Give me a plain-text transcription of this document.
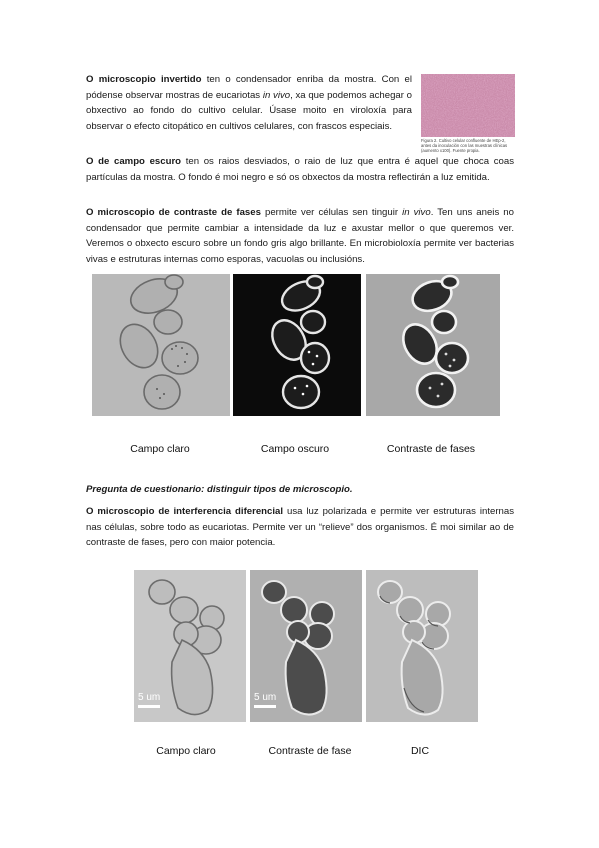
O microscopio invertido ten o condensador enriba da mostra. Con el pódense observar mostras de eucariotas in vivo, xa que podemos achegar o obxectivo ao fondo do cultivo celular. Úsase moito en viroloxía para observar o efecto citopático en cultivos celulares, con frascos especiais.

Figura 2. Cultivo celular confluente de HEp-2, antes da inoculación con las muestras clínicas (aumento x100). Fuente propia.

O de campo escuro ten os raios desviados, o raio de luz que entra é aquel que choca coas partículas da mostra. O fondo é moi negro e só os obxectos da mostra reflectirán a luz emitida.

O microscopio de contraste de fases permite ver células sen tinguir in vivo. Ten uns aneis no condensador que permite cambiar a intensidade da luz e axustar mellor o que queremos ver. Veremos o obxecto escuro sobre un fondo gris algo brillante. En microbioloxía permite ver bacterias vivas e estruturas internas como esporas, vacuolas ou inclusións.

Campo claro	Campo oscuro	Contraste de fases

Pregunta de cuestionario: distinguir tipos de microscopio.

O microscopio de interferencia diferencial usa luz polarizada e permite ver estruturas internas nas células, sobre todo as eucariotas. Permite ver un “relieve” dos organismos. É moi similar ao de contraste de fases, pero con maior potencia.

5 um	5 um
Campo claro	Contraste de fase	DIC
